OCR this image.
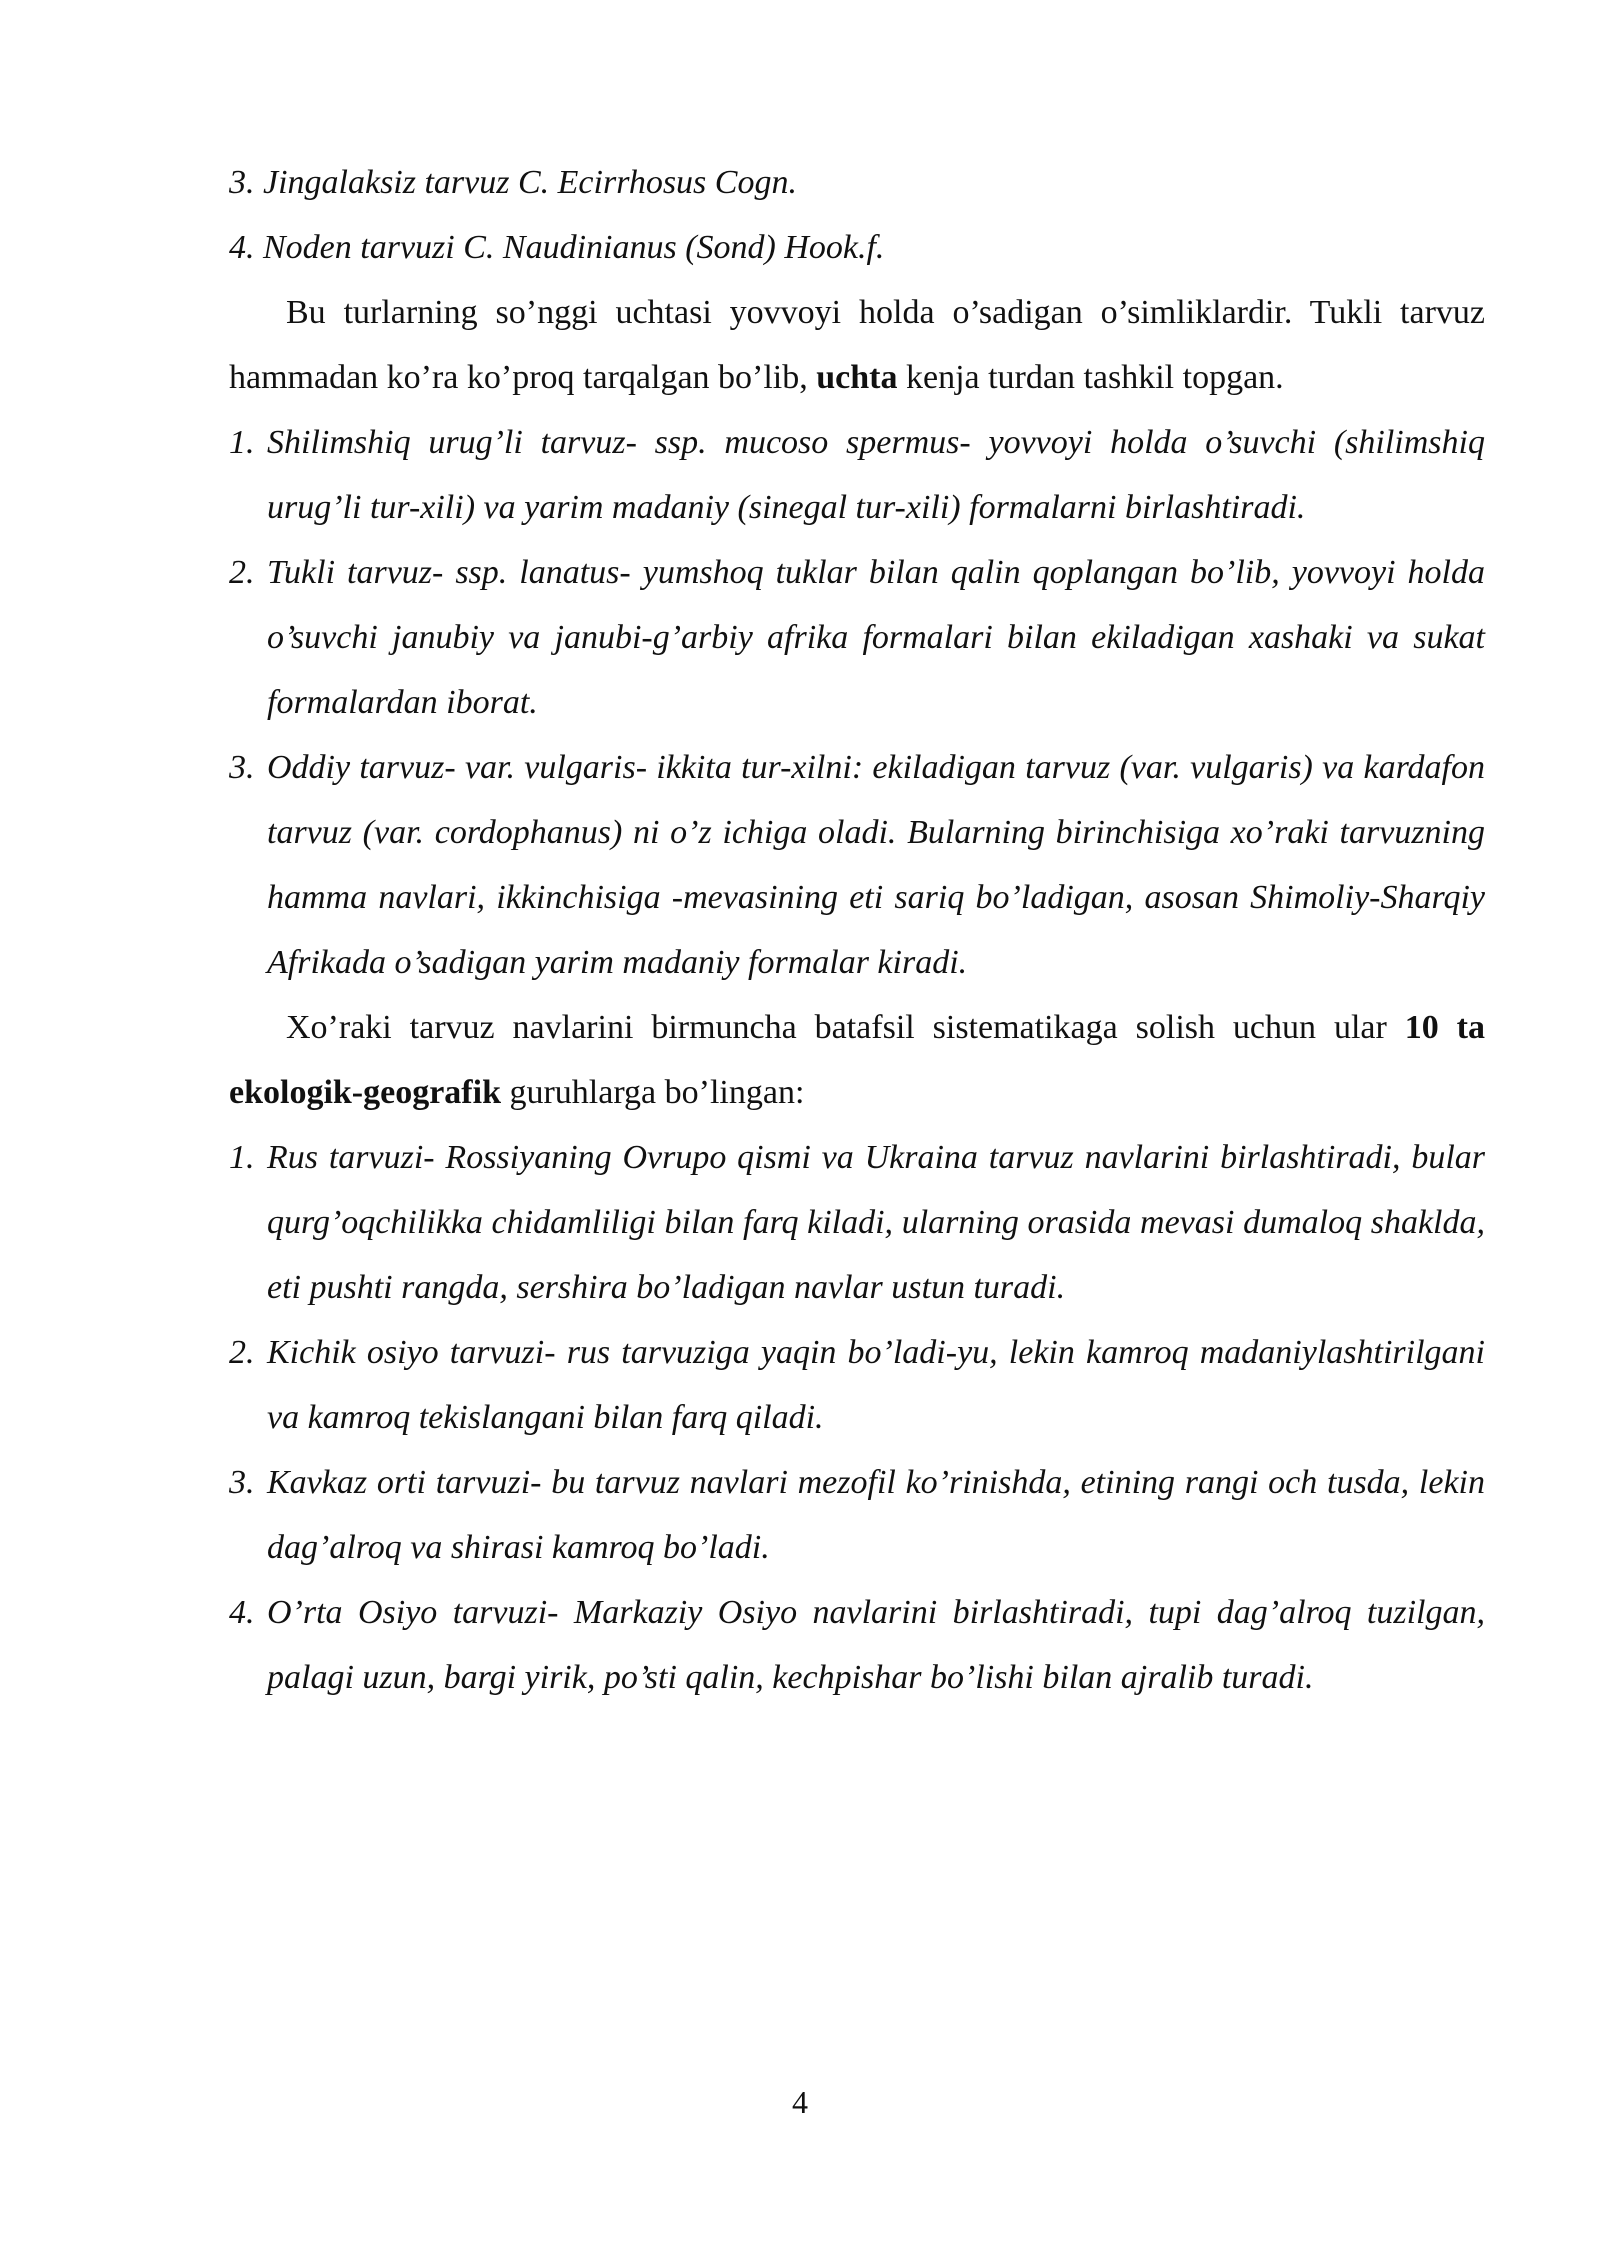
3. Jingalaksiz tarvuz C. Ecirrhosus Cogn.
4. Noden tarvuzi C. Naudinianus (Sond) Hook.f.

Bu turlarning so’nggi uchtasi yovvoyi holda o’sadigan o’simliklardir. Tukli tarvuz hammadan ko’ra ko’proq tarqalgan bo’lib, uchta kenja turdan tashkil topgan.

1. Shilimshiq urug’li tarvuz- ssp. mucoso spermus- yovvoyi holda o’suvchi (shilimshiq urug’li tur-xili) va yarim madaniy (sinegal tur-xili) formalarni birlashtiradi.
2. Tukli tarvuz- ssp. lanatus- yumshoq tuklar bilan qalin qoplangan bo’lib, yovvoyi holda o’suvchi janubiy va janubi-g’arbiy afrika formalari bilan ekiladigan xashaki va sukat formalardan iborat.
3. Oddiy tarvuz- var. vulgaris- ikkita tur-xilni: ekiladigan tarvuz (var. vulgaris) va kardafon tarvuz (var. cordophanus) ni o’z ichiga oladi. Bularning birinchisiga xo’raki tarvuzning hamma navlari, ikkinchisiga -mevasining eti sariq bo’ladigan, asosan Shimoliy-Sharqiy Afrikada o’sadigan yarim madaniy formalar kiradi.

Xo’raki tarvuz navlarini birmuncha batafsil sistematikaga solish uchun ular 10 ta ekologik-geografik guruhlarga bo’lingan:

1. Rus tarvuzi- Rossiyaning Ovrupo qismi va Ukraina tarvuz navlarini birlashtiradi, bular qurg’oqchilikka chidamliligi bilan farq kiladi, ularning orasida mevasi dumaloq shaklda, eti pushti rangda, sershira bo’ladigan navlar ustun turadi.
2. Kichik osiyo tarvuzi- rus tarvuziga yaqin bo’ladi-yu, lekin kamroq madaniylashtirilgani va kamroq tekislangani bilan farq qiladi.
3. Kavkaz orti tarvuzi- bu tarvuz navlari mezofil ko’rinishda, etining rangi och tusda, lekin dag’alroq va shirasi kamroq bo’ladi.
4. O’rta Osiyo tarvuzi- Markaziy Osiyo navlarini birlashtiradi, tupi dag’alroq tuzilgan, palagi uzun, bargi yirik, po’sti qalin, kechpishar bo’lishi bilan ajralib turadi.
4
